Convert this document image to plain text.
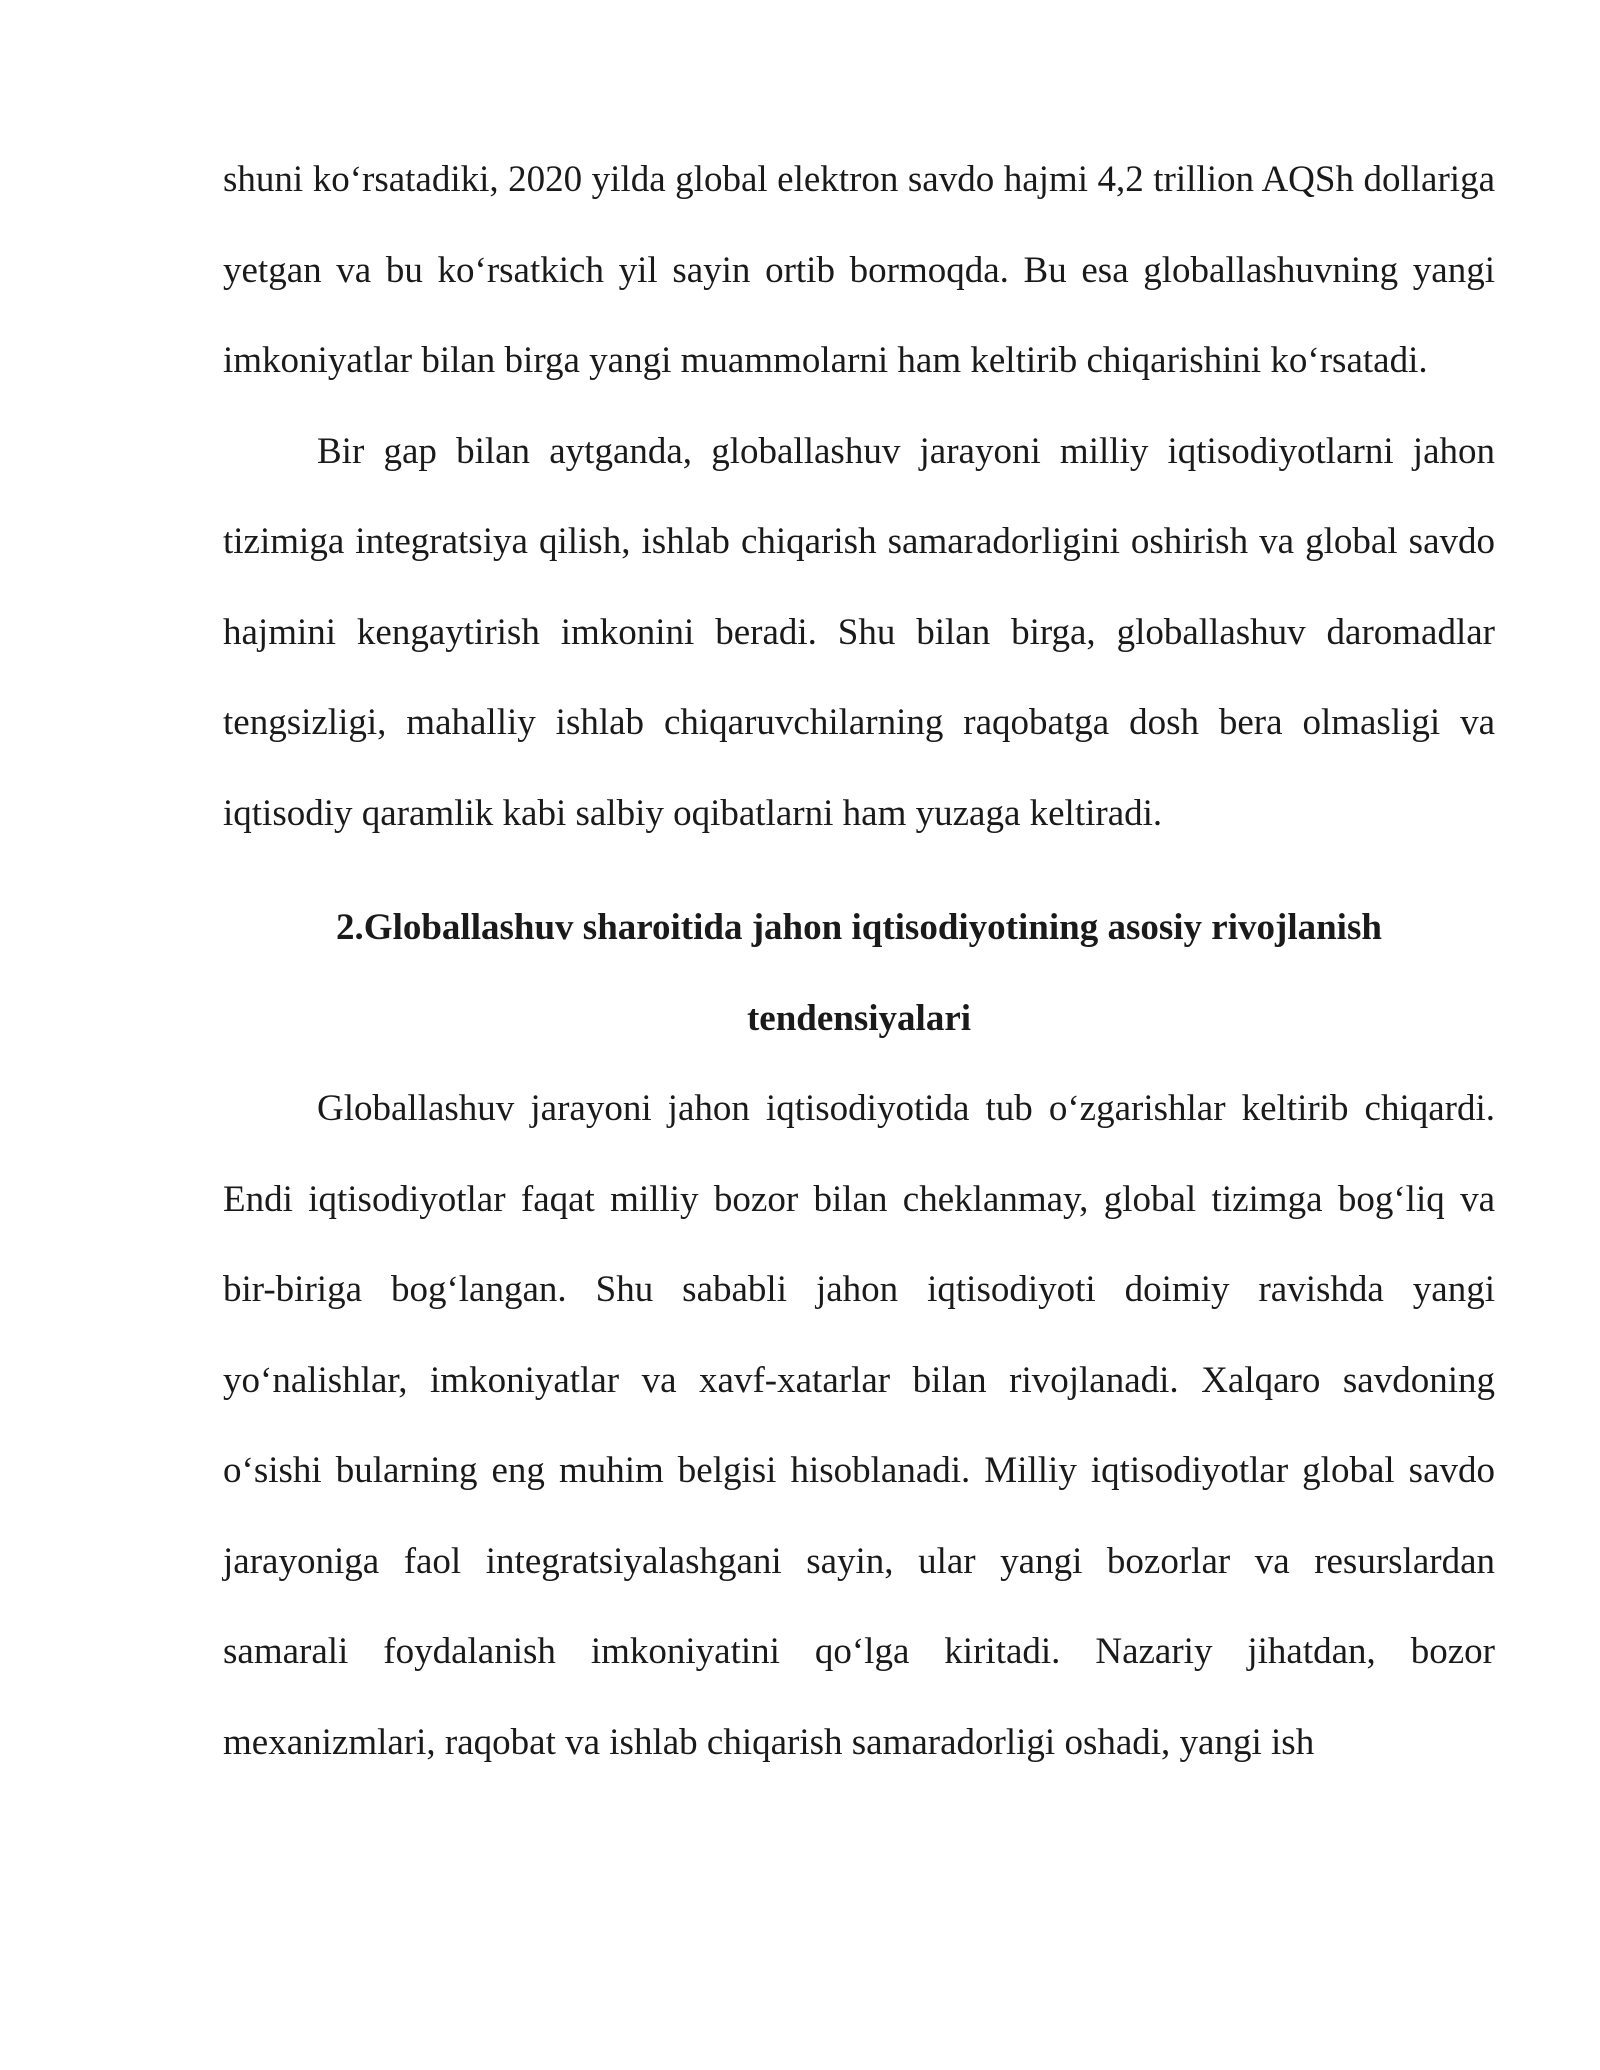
shuni ko‘rsatadiki, 2020 yilda global elektron savdo hajmi 4,2 trillion AQSh dollariga yetgan va bu ko‘rsatkich yil sayin ortib bormoqda. Bu esa globallashuvning yangi imkoniyatlar bilan birga yangi muammolarni ham keltirib chiqarishini ko‘rsatadi.

Bir gap bilan aytganda, globallashuv jarayoni milliy iqtisodiyotlarni jahon tizimiga integratsiya qilish, ishlab chiqarish samaradorligini oshirish va global savdo hajmini kengaytirish imkonini beradi. Shu bilan birga, globallashuv daromadlar tengsizligi, mahalliy ishlab chiqaruvchilarning raqobatga dosh bera olmasligi va iqtisodiy qaramlik kabi salbiy oqibatlarni ham yuzaga keltiradi.

2.Globallashuv sharoitida jahon iqtisodiyotining asosiy rivojlanish tendensiyalari

Globallashuv jarayoni jahon iqtisodiyotida tub o‘zgarishlar keltirib chiqardi. Endi iqtisodiyotlar faqat milliy bozor bilan cheklanmay, global tizimga bog‘liq va bir-biriga bog‘langan. Shu sababli jahon iqtisodiyoti doimiy ravishda yangi yo‘nalishlar, imkoniyatlar va xavf-xatarlar bilan rivojlanadi. Xalqaro savdoning o‘sishi bularning eng muhim belgisi hisoblanadi. Milliy iqtisodiyotlar global savdo jarayoniga faol integratsiyalashgani sayin, ular yangi bozorlar va resurslardan samarali foydalanish imkoniyatini qo‘lga kiritadi. Nazariy jihatdan, bozor mexanizmlari, raqobat va ishlab chiqarish samaradorligi oshadi, yangi ish
